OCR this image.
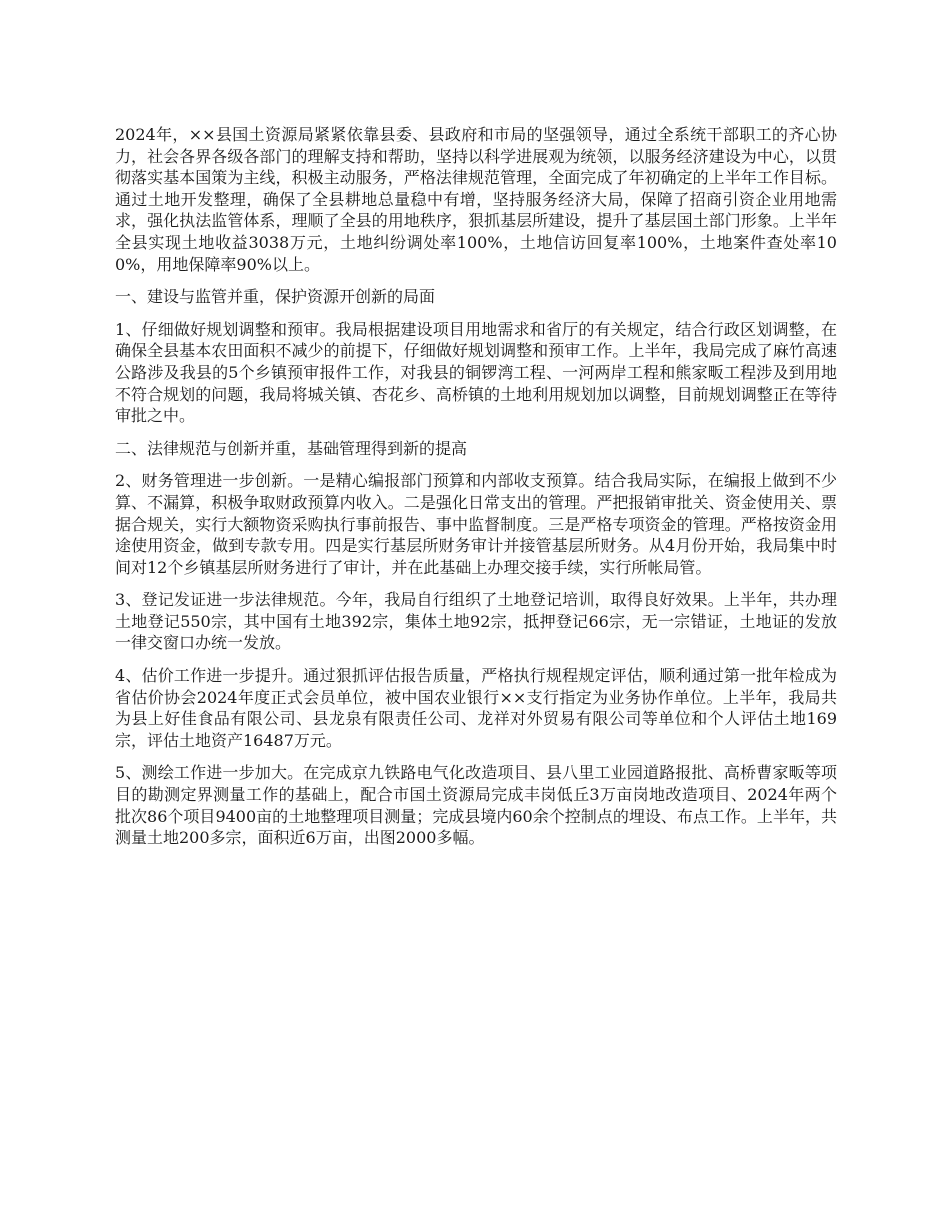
2024年，××县国土资源局紧紧依靠县委、县政府和市局的坚强领导，通过全系统干部职工的齐心协力，社会各界各级各部门的理解支持和帮助，坚持以科学进展观为统领，以服务经济建设为中心，以贯彻落实基本国策为主线，积极主动服务，严格法律规范管理，全面完成了年初确定的上半年工作目标。通过土地开发整理，确保了全县耕地总量稳中有增，坚持服务经济大局，保障了招商引资企业用地需求，强化执法监管体系，理顺了全县的用地秩序，狠抓基层所建设，提升了基层国土部门形象。上半年全县实现土地收益3038万元，土地纠纷调处率100%，土地信访回复率100%，土地案件查处率100%，用地保障率90%以上。

一、建设与监管并重，保护资源开创新的局面

1、仔细做好规划调整和预审。我局根据建设项目用地需求和省厅的有关规定，结合行政区划调整，在确保全县基本农田面积不减少的前提下，仔细做好规划调整和预审工作。上半年，我局完成了麻竹高速公路涉及我县的5个乡镇预审报件工作，对我县的铜锣湾工程、一河两岸工程和熊家畈工程涉及到用地不符合规划的问题，我局将城关镇、杏花乡、高桥镇的土地利用规划加以调整，目前规划调整正在等待审批之中。

二、法律规范与创新并重，基础管理得到新的提高

2、财务管理进一步创新。一是精心编报部门预算和内部收支预算。结合我局实际，在编报上做到不少算、不漏算，积极争取财政预算内收入。二是强化日常支出的管理。严把报销审批关、资金使用关、票据合规关，实行大额物资采购执行事前报告、事中监督制度。三是严格专项资金的管理。严格按资金用途使用资金，做到专款专用。四是实行基层所财务审计并接管基层所财务。从4月份开始，我局集中时间对12个乡镇基层所财务进行了审计，并在此基础上办理交接手续，实行所帐局管。

3、登记发证进一步法律规范。今年，我局自行组织了土地登记培训，取得良好效果。上半年，共办理土地登记550宗，其中国有土地392宗，集体土地92宗，抵押登记66宗，无一宗错证，土地证的发放一律交窗口办统一发放。

4、估价工作进一步提升。通过狠抓评估报告质量，严格执行规程规定评估，顺利通过第一批年检成为省估价协会2024年度正式会员单位，被中国农业银行××支行指定为业务协作单位。上半年，我局共为县上好佳食品有限公司、县龙泉有限责任公司、龙祥对外贸易有限公司等单位和个人评估土地169宗，评估土地资产16487万元。

5、测绘工作进一步加大。在完成京九铁路电气化改造项目、县八里工业园道路报批、高桥曹家畈等项目的勘测定界测量工作的基础上，配合市国土资源局完成丰岗低丘3万亩岗地改造项目、2024年两个批次86个项目9400亩的土地整理项目测量；完成县境内60余个控制点的埋设、布点工作。上半年，共测量土地200多宗，面积近6万亩，出图2000多幅。
